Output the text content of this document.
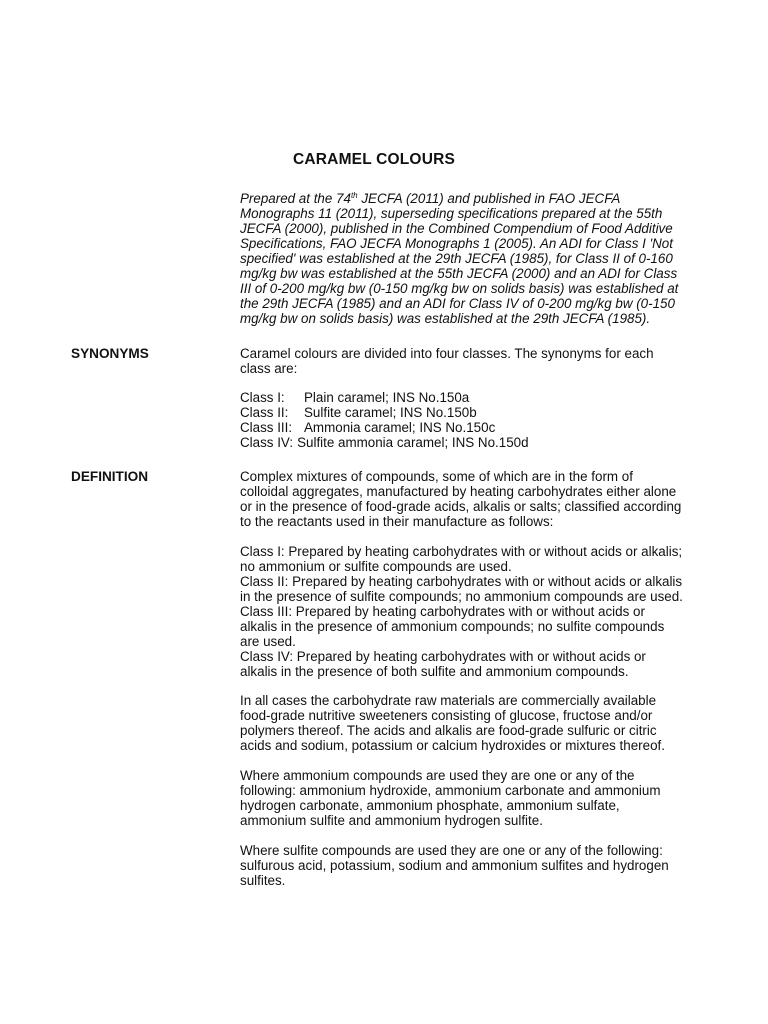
CARAMEL COLOURS
Prepared at the 74th JECFA (2011) and published in FAO JECFA
Monographs 11 (2011), superseding specifications prepared at the 55th
JECFA (2000), published in the Combined Compendium of Food Additive
Specifications, FAO JECFA Monographs 1 (2005). An ADI for Class I 'Not
specified' was established at the 29th JECFA (1985), for Class II of 0-160
mg/kg bw was established at the 55th JECFA (2000) and an ADI for Class
III of 0-200 mg/kg bw (0-150 mg/kg bw on solids basis) was established at
the 29th JECFA (1985) and an ADI for Class IV of 0-200 mg/kg bw (0-150
mg/kg bw on solids basis) was established at the 29th JECFA (1985).
SYNONYMS	Caramel colours are divided into four classes. The synonyms for each
class are:
Class I: Plain caramel; INS No.150a
Class II: Sulfite caramel; INS No.150b
Class III: Ammonia caramel; INS No.150c
Class IV: Sulfite ammonia caramel; INS No.150d
DEFINITION	Complex mixtures of compounds, some of which are in the form of
colloidal aggregates, manufactured by heating carbohydrates either alone
or in the presence of food-grade acids, alkalis or salts; classified according
to the reactants used in their manufacture as follows:
Class I: Prepared by heating carbohydrates with or without acids or alkalis;
no ammonium or sulfite compounds are used.
Class II: Prepared by heating carbohydrates with or without acids or alkalis
in the presence of sulfite compounds; no ammonium compounds are used.
Class III: Prepared by heating carbohydrates with or without acids or
alkalis in the presence of ammonium compounds; no sulfite compounds
are used.
Class IV: Prepared by heating carbohydrates with or without acids or
alkalis in the presence of both sulfite and ammonium compounds.
In all cases the carbohydrate raw materials are commercially available
food-grade nutritive sweeteners consisting of glucose, fructose and/or
polymers thereof. The acids and alkalis are food-grade sulfuric or citric
acids and sodium, potassium or calcium hydroxides or mixtures thereof.
Where ammonium compounds are used they are one or any of the
following: ammonium hydroxide, ammonium carbonate and ammonium
hydrogen carbonate, ammonium phosphate, ammonium sulfate,
ammonium sulfite and ammonium hydrogen sulfite.
Where sulfite compounds are used they are one or any of the following:
sulfurous acid, potassium, sodium and ammonium sulfites and hydrogen
sulfites.
